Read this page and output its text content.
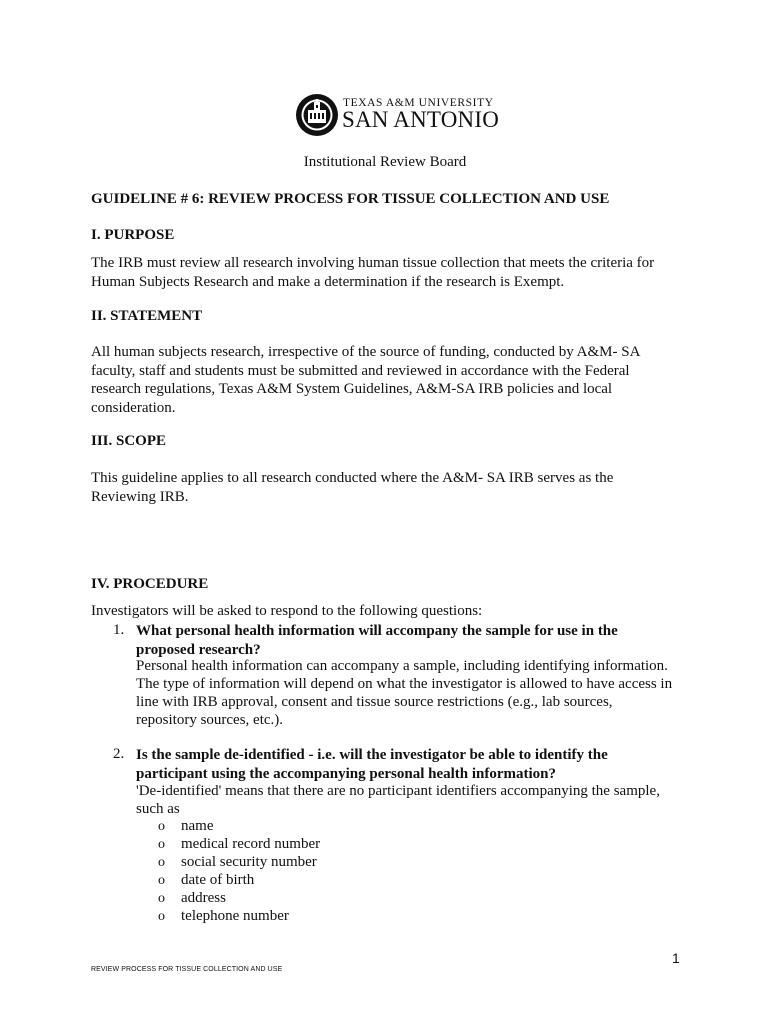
TEXAS A&M UNIVERSITY
SAN ANTONIO
Institutional Review Board
GUIDELINE # 6: REVIEW PROCESS FOR TISSUE COLLECTION AND USE
I. PURPOSE
The IRB must review all research involving human tissue collection that meets the criteria for
Human Subjects Research and make a determination if the research is Exempt.
II. STATEMENT
All human subjects research, irrespective of the source of funding, conducted by A&M- SA
faculty, staff and students must be submitted and reviewed in accordance with the Federal
research regulations, Texas A&M System Guidelines, A&M-SA IRB policies and local
consideration.
III. SCOPE
This guideline applies to all research conducted where the A&M- SA IRB serves as the
Reviewing IRB.
IV. PROCEDURE
Investigators will be asked to respond to the following questions:
1. What personal health information will accompany the sample for use in the
proposed research?
Personal health information can accompany a sample, including identifying information.
The type of information will depend on what the investigator is allowed to have access in
line with IRB approval, consent and tissue source restrictions (e.g., lab sources,
repository sources, etc.).
2. Is the sample de-identified - i.e. will the investigator be able to identify the
participant using the accompanying personal health information?
'De-identified' means that there are no participant identifiers accompanying the sample,
such as
o name
o medical record number
o social security number
o date of birth
o address
o telephone number
1
REVIEW PROCESS FOR TISSUE COLLECTION AND USE
